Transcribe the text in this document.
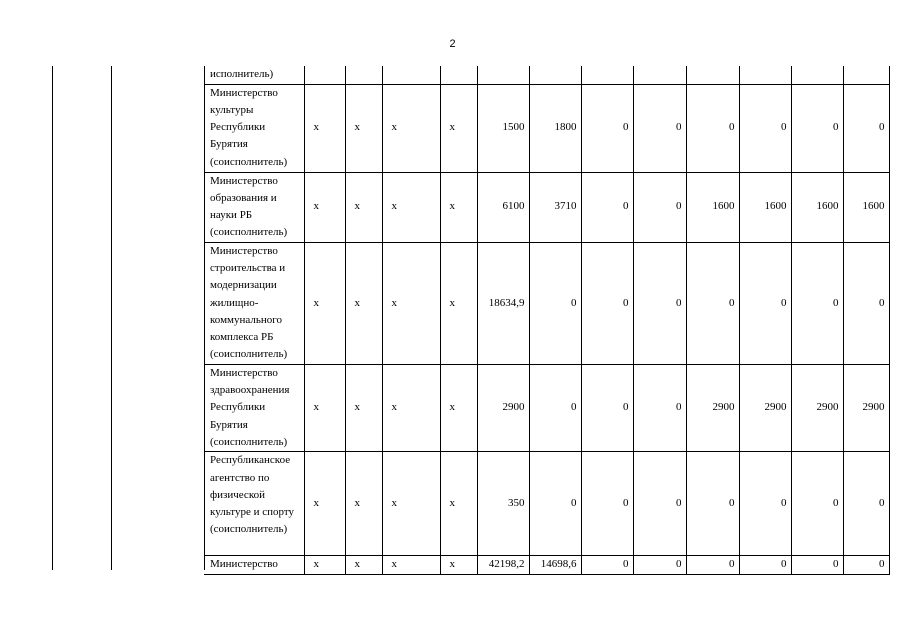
2
исполнитель)												
Министерство культуры Республики Бурятия (соисполнитель)	x	x	x	x	1500	1800	0	0	0	0	0	0
Министерство образования и науки РБ (соисполнитель)	x	x	x	x	6100	3710	0	0	1600	1600	1600	1600
Министерство строительства и модернизации жилищно-коммунального комплекса РБ (соисполнитель)	x	x	x	x	18634,9	0	0	0	0	0	0	0
Министерство здравоохранения Республики Бурятия (соисполнитель)	x	x	x	x	2900	0	0	0	2900	2900	2900	2900
Республиканское агентство по физической культуре и спорту (соисполнитель)	x	x	x	x	350	0	0	0	0	0	0	0
Министерство	x	x	x	x	42198,2	14698,6	0	0	0	0	0	0
